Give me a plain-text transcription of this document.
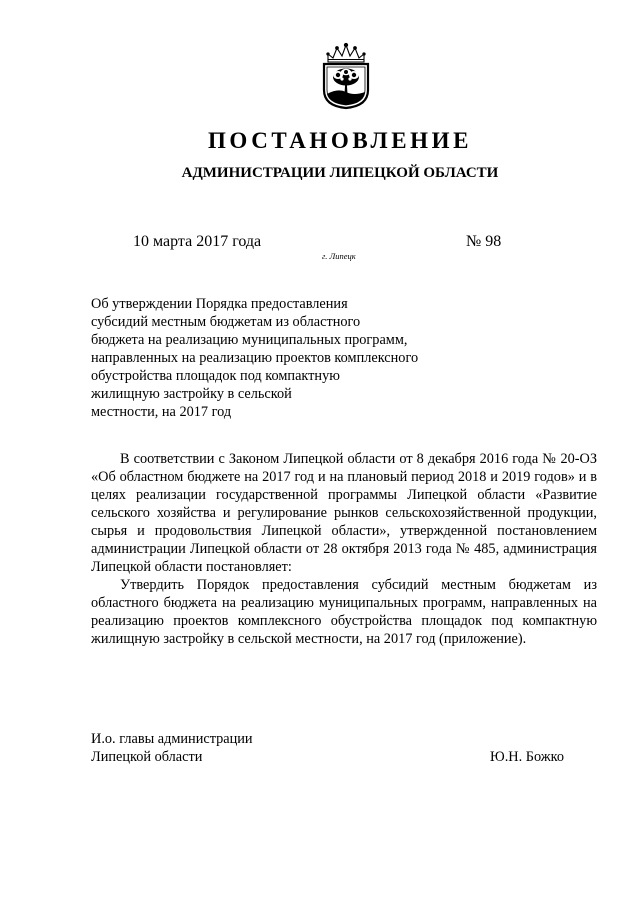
ПОСТАНОВЛЕНИЕ
АДМИНИСТРАЦИИ ЛИПЕЦКОЙ ОБЛАСТИ
10 марта 2017 года	№ 98
г. Липецк
Об утверждении Порядка предоставления
субсидий местным бюджетам из областного
бюджета на реализацию муниципальных программ,
направленных на реализацию проектов комплексного
обустройства площадок под компактную
жилищную застройку в сельской
местности, на 2017 год

В соответствии с Законом Липецкой области от 8 декабря 2016 года № 20-ОЗ «Об областном бюджете на 2017 год и на плановый период 2018 и 2019 годов» и в целях реализации государственной программы Липецкой области «Развитие сельского хозяйства и регулирование рынков сельскохозяйственной продукции, сырья и продовольствия Липецкой области», утвержденной постановлением администрации Липецкой области от 28 октября 2013 года № 485, администрация Липецкой области постановляет:

Утвердить Порядок предоставления субсидий местным бюджетам из областного бюджета на реализацию муниципальных программ, направленных на реализацию проектов комплексного обустройства площадок под компактную жилищную застройку в сельской местности, на 2017 год (приложение).

И.о. главы администрации
Липецкой области	Ю.Н. Божко
